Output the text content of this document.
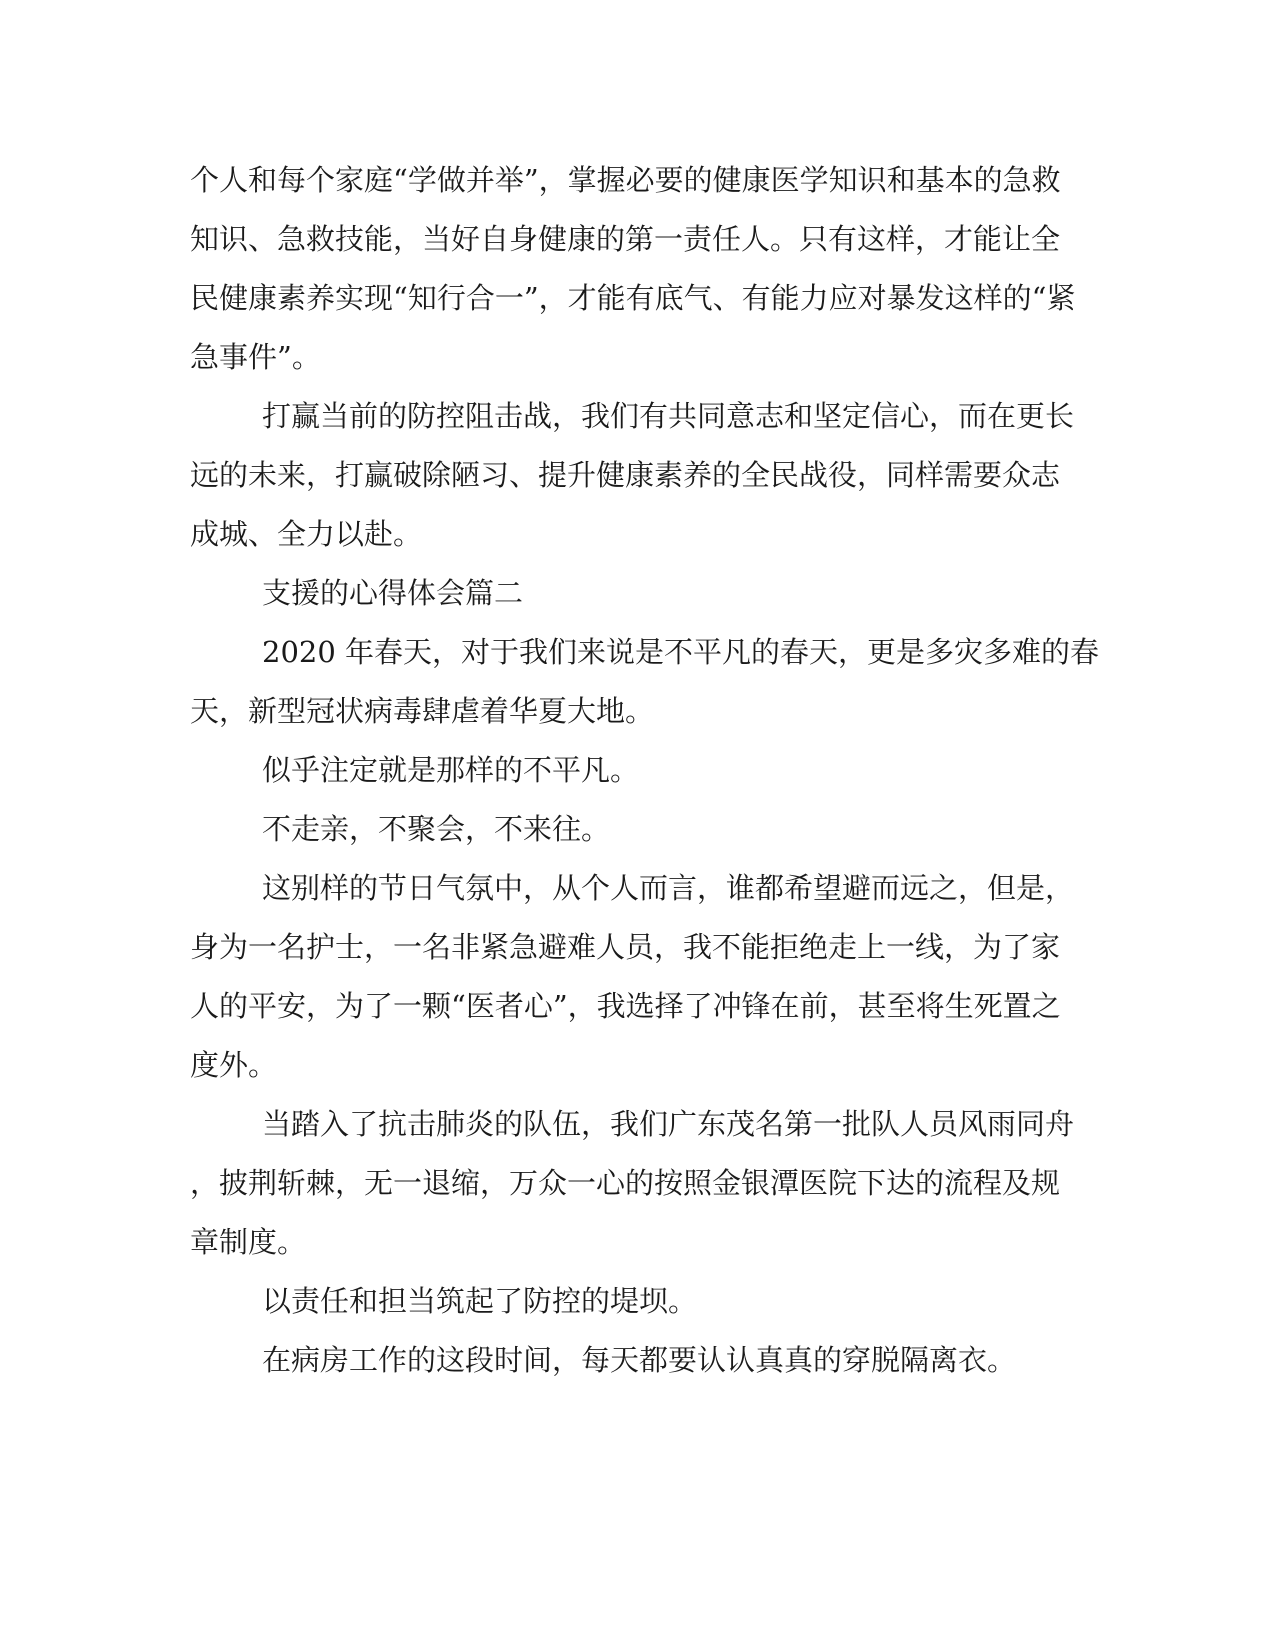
个人和每个家庭“学做并举”，掌握必要的健康医学知识和基本的急救
知识、急救技能，当好自身健康的第一责任人。只有这样，才能让全
民健康素养实现“知行合一”，才能有底气、有能力应对暴发这样的“紧
急事件”。
打赢当前的防控阻击战，我们有共同意志和坚定信心，而在更长
远的未来，打赢破除陋习、提升健康素养的全民战役，同样需要众志
成城、全力以赴。
支援的心得体会篇二
2020 年春天，对于我们来说是不平凡的春天，更是多灾多难的春
天，新型冠状病毒肆虐着华夏大地。
似乎注定就是那样的不平凡。
不走亲，不聚会，不来往。
这别样的节日气氛中，从个人而言，谁都希望避而远之，但是，
身为一名护士，一名非紧急避难人员，我不能拒绝走上一线，为了家
人的平安，为了一颗“医者心”，我选择了冲锋在前，甚至将生死置之
度外。
当踏入了抗击肺炎的队伍，我们广东茂名第一批队人员风雨同舟
，披荆斩棘，无一退缩，万众一心的按照金银潭医院下达的流程及规
章制度。
以责任和担当筑起了防控的堤坝。
在病房工作的这段时间，每天都要认认真真的穿脱隔离衣。
